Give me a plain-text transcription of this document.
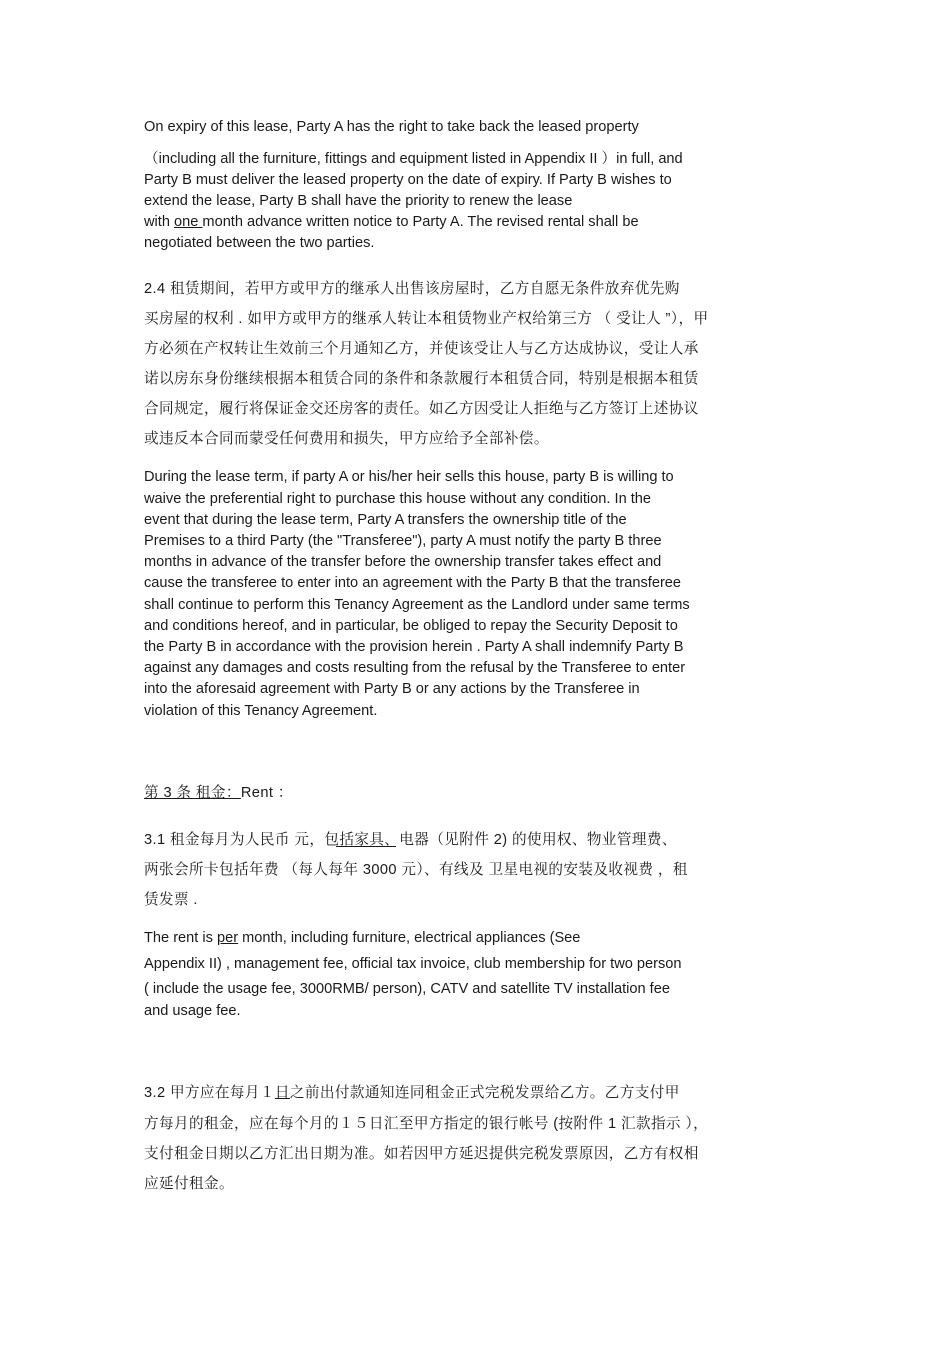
On expiry of this lease, Party A has the right to take back the leased property
（including all the furniture, fittings and equipment listed in Appendix II ）in full, and
Party B must deliver the leased property on the date of expiry. If Party B wishes to
extend the lease, Party B shall have the priority to renew the lease
with one month advance written notice to Party A. The revised rental shall be
negotiated between the two parties.
2.4 租赁期间，若甲方或甲方的继承人出售该房屋时，乙方自愿无条件放弃优先购
买房屋的权利 . 如甲方或甲方的继承人转让本租赁物业产权给第三方 （ 受让人 ”），甲
方必须在产权转让生效前三个月通知乙方，并使该受让人与乙方达成协议，受让人承
诺以房东身份继续根据本租赁合同的条件和条款履行本租赁合同，特别是根据本租赁
合同规定，履行将保证金交还房客的责任。如乙方因受让人拒绝与乙方签订上述协议
或违反本合同而蒙受任何费用和损失，甲方应给予全部补偿。
During the lease term, if party A or his/her heir sells this house, party B is willing to
waive the preferential right to purchase this house without any condition. In the
event that during the lease term, Party A transfers the ownership title of the
Premises to a third Party (the "Transferee"), party A must notify the party B three
months in advance of the transfer before the ownership transfer takes effect and
cause the transferee to enter into an agreement with the Party B that the transferee
shall continue to perform this Tenancy Agreement as the Landlord under same terms
and conditions hereof, and in particular, be obliged to repay the Security Deposit to
the Party B in accordance with the provision herein . Party A shall indemnify Party B
against any damages and costs resulting from the refusal by the Transferee to enter
into the aforesaid agreement with Party B or any actions by the Transferee in
violation of this Tenancy Agreement.
第 3 条 租金：Rent ：
3.1 租金每月为人民币 元，包括家具、电器（见附件 2) 的使用权、物业管理费、
两张会所卡包括年费 （每人每年 3000 元）、有线及 卫星电视的安装及收视费 ，租
赁发票 .
The rent is per month, including furniture, electrical appliances (See
Appendix II) , management fee, official tax invoice, club membership for two person
( include the usage fee, 3000RMB/ person), CATV and satellite TV installation fee
and usage fee.
3.2 甲方应在每月１日之前出付款通知连同租金正式完税发票给乙方。乙方支付甲
方每月的租金，应在每个月的１５日汇至甲方指定的银行帐号 (按附件 1 汇款指示 ），
支付租金日期以乙方汇出日期为准。如若因甲方延迟提供完税发票原因，乙方有权相
应延付租金。
